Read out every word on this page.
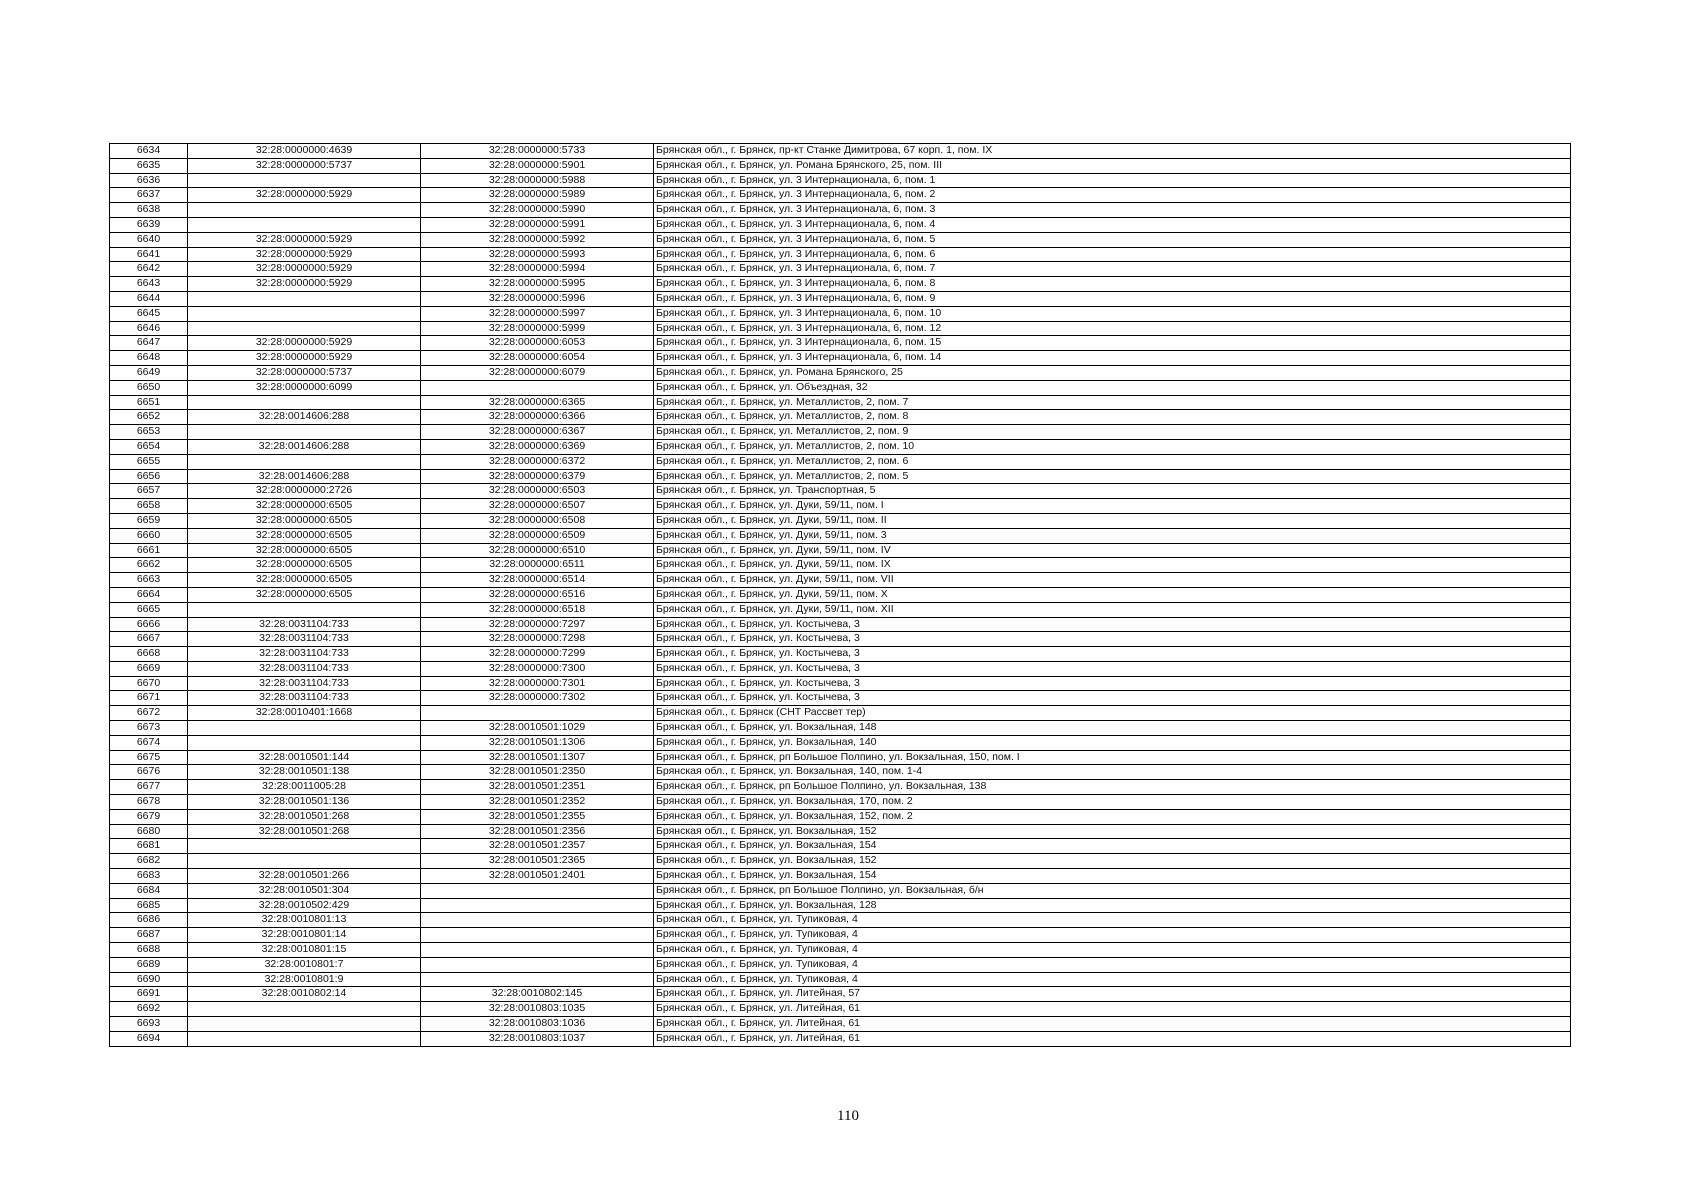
6634	32:28:0000000:4639	32:28:0000000:5733	Брянская обл., г. Брянск, пр-кт Станке Димитрова, 67 корп. 1, пом. IX
6635	32:28:0000000:5737	32:28:0000000:5901	Брянская обл., г. Брянск, ул. Романа Брянского, 25, пом. III
6636		32:28:0000000:5988	Брянская обл., г. Брянск, ул. 3 Интернационала, 6, пом. 1
6637	32:28:0000000:5929	32:28:0000000:5989	Брянская обл., г. Брянск, ул. 3 Интернационала, 6, пом. 2
6638		32:28:0000000:5990	Брянская обл., г. Брянск, ул. 3 Интернационала, 6, пом. 3
6639		32:28:0000000:5991	Брянская обл., г. Брянск, ул. 3 Интернационала, 6, пом. 4
6640	32:28:0000000:5929	32:28:0000000:5992	Брянская обл., г. Брянск, ул. 3 Интернационала, 6, пом. 5
6641	32:28:0000000:5929	32:28:0000000:5993	Брянская обл., г. Брянск, ул. 3 Интернационала, 6, пом. 6
6642	32:28:0000000:5929	32:28:0000000:5994	Брянская обл., г. Брянск, ул. 3 Интернационала, 6, пом. 7
6643	32:28:0000000:5929	32:28:0000000:5995	Брянская обл., г. Брянск, ул. 3 Интернационала, 6, пом. 8
6644		32:28:0000000:5996	Брянская обл., г. Брянск, ул. 3 Интернационала, 6, пом. 9
6645		32:28:0000000:5997	Брянская обл., г. Брянск, ул. 3 Интернационала, 6, пом. 10
6646		32:28:0000000:5999	Брянская обл., г. Брянск, ул. 3 Интернационала, 6, пом. 12
6647	32:28:0000000:5929	32:28:0000000:6053	Брянская обл., г. Брянск, ул. 3 Интернационала, 6, пом. 15
6648	32:28:0000000:5929	32:28:0000000:6054	Брянская обл., г. Брянск, ул. 3 Интернационала, 6, пом. 14
6649	32:28:0000000:5737	32:28:0000000:6079	Брянская обл., г. Брянск, ул. Романа Брянского, 25
6650	32:28:0000000:6099		Брянская обл., г. Брянск, ул. Объездная, 32
6651		32:28:0000000:6365	Брянская обл., г. Брянск, ул. Металлистов, 2, пом. 7
6652	32:28:0014606:288	32:28:0000000:6366	Брянская обл., г. Брянск, ул. Металлистов, 2, пом. 8
6653		32:28:0000000:6367	Брянская обл., г. Брянск, ул. Металлистов, 2, пом. 9
6654	32:28:0014606:288	32:28:0000000:6369	Брянская обл., г. Брянск, ул. Металлистов, 2, пом. 10
6655		32:28:0000000:6372	Брянская обл., г. Брянск, ул. Металлистов, 2, пом. 6
6656	32:28:0014606:288	32:28:0000000:6379	Брянская обл., г. Брянск, ул. Металлистов, 2, пом. 5
6657	32:28:0000000:2726	32:28:0000000:6503	Брянская обл., г. Брянск, ул. Транспортная, 5
6658	32:28:0000000:6505	32:28:0000000:6507	Брянская обл., г. Брянск, ул. Дуки, 59/11, пом. I
6659	32:28:0000000:6505	32:28:0000000:6508	Брянская обл., г. Брянск, ул. Дуки, 59/11, пом. II
6660	32:28:0000000:6505	32:28:0000000:6509	Брянская обл., г. Брянск, ул. Дуки, 59/11, пом. 3
6661	32:28:0000000:6505	32:28:0000000:6510	Брянская обл., г. Брянск, ул. Дуки, 59/11, пом. IV
6662	32:28:0000000:6505	32:28:0000000:6511	Брянская обл., г. Брянск, ул. Дуки, 59/11, пом. IX
6663	32:28:0000000:6505	32:28:0000000:6514	Брянская обл., г. Брянск, ул. Дуки, 59/11, пом. VII
6664	32:28:0000000:6505	32:28:0000000:6516	Брянская обл., г. Брянск, ул. Дуки, 59/11, пом. X
6665		32:28:0000000:6518	Брянская обл., г. Брянск, ул. Дуки, 59/11, пом. XII
6666	32:28:0031104:733	32:28:0000000:7297	Брянская обл., г. Брянск, ул. Костычева, 3
6667	32:28:0031104:733	32:28:0000000:7298	Брянская обл., г. Брянск, ул. Костычева, 3
6668	32:28:0031104:733	32:28:0000000:7299	Брянская обл., г. Брянск, ул. Костычева, 3
6669	32:28:0031104:733	32:28:0000000:7300	Брянская обл., г. Брянск, ул. Костычева, 3
6670	32:28:0031104:733	32:28:0000000:7301	Брянская обл., г. Брянск, ул. Костычева, 3
6671	32:28:0031104:733	32:28:0000000:7302	Брянская обл., г. Брянск, ул. Костычева, 3
6672	32:28:0010401:1668		Брянская обл., г. Брянск (СНТ Рассвет тер)
6673		32:28:0010501:1029	Брянская обл., г. Брянск, ул. Вокзальная, 148
6674		32:28:0010501:1306	Брянская обл., г. Брянск, ул. Вокзальная, 140
6675	32:28:0010501:144	32:28:0010501:1307	Брянская обл., г. Брянск, рп Большое Полпино, ул. Вокзальная, 150, пом. I
6676	32:28:0010501:138	32:28:0010501:2350	Брянская обл., г. Брянск, ул. Вокзальная, 140, пом. 1-4
6677	32:28:0011005:28	32:28:0010501:2351	Брянская обл., г. Брянск, рп Большое Полпино, ул. Вокзальная, 138
6678	32:28:0010501:136	32:28:0010501:2352	Брянская обл., г. Брянск, ул. Вокзальная, 170, пом. 2
6679	32:28:0010501:268	32:28:0010501:2355	Брянская обл., г. Брянск, ул. Вокзальная, 152, пом. 2
6680	32:28:0010501:268	32:28:0010501:2356	Брянская обл., г. Брянск, ул. Вокзальная, 152
6681		32:28:0010501:2357	Брянская обл., г. Брянск, ул. Вокзальная, 154
6682		32:28:0010501:2365	Брянская обл., г. Брянск, ул. Вокзальная, 152
6683	32:28:0010501:266	32:28:0010501:2401	Брянская обл., г. Брянск, ул. Вокзальная, 154
6684	32:28:0010501:304		Брянская обл., г. Брянск, рп Большое Полпино, ул. Вокзальная, б/н
6685	32:28:0010502:429		Брянская обл., г. Брянск, ул. Вокзальная, 128
6686	32:28:0010801:13		Брянская обл., г. Брянск, ул. Тупиковая, 4
6687	32:28:0010801:14		Брянская обл., г. Брянск, ул. Тупиковая, 4
6688	32:28:0010801:15		Брянская обл., г. Брянск, ул. Тупиковая, 4
6689	32:28:0010801:7		Брянская обл., г. Брянск, ул. Тупиковая, 4
6690	32:28:0010801:9		Брянская обл., г. Брянск, ул. Тупиковая, 4
6691	32:28:0010802:14	32:28:0010802:145	Брянская обл., г. Брянск, ул. Литейная, 57
6692		32:28:0010803:1035	Брянская обл., г. Брянск, ул. Литейная, 61
6693		32:28:0010803:1036	Брянская обл., г. Брянск, ул. Литейная, 61
6694		32:28:0010803:1037	Брянская обл., г. Брянск, ул. Литейная, 61
110
